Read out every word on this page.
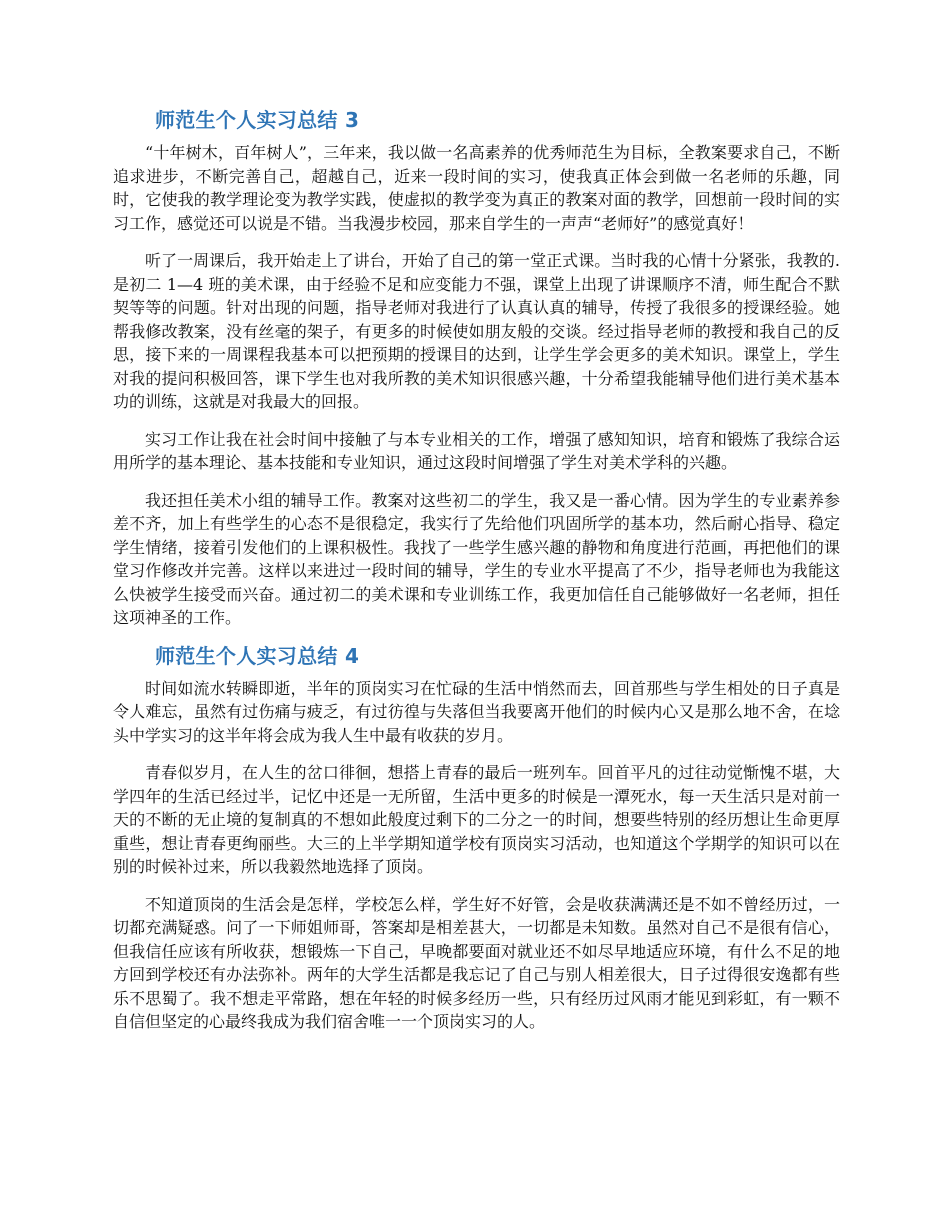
师范生个人实习总结 3

“十年树木，百年树人”，三年来，我以做一名高素养的优秀师范生为目标，全教案要求自己，不断追求进步，不断完善自己，超越自己，近来一段时间的实习，使我真正体会到做一名老师的乐趣，同时，它使我的教学理论变为教学实践，使虚拟的教学变为真正的教案对面的教学，回想前一段时间的实习工作，感觉还可以说是不错。当我漫步校园，那来自学生的一声声“老师好”的感觉真好！

听了一周课后，我开始走上了讲台，开始了自己的第一堂正式课。当时我的心情十分紧张，我教的.是初二 1—4 班的美术课，由于经验不足和应变能力不强，课堂上出现了讲课顺序不清，师生配合不默契等等的问题。针对出现的问题，指导老师对我进行了认真认真的辅导，传授了我很多的授课经验。她帮我修改教案，没有丝毫的架子，有更多的时候使如朋友般的交谈。经过指导老师的教授和我自己的反思，接下来的一周课程我基本可以把预期的授课目的达到，让学生学会更多的美术知识。课堂上，学生对我的提问积极回答，课下学生也对我所教的美术知识很感兴趣，十分希望我能辅导他们进行美术基本功的训练，这就是对我最大的回报。

实习工作让我在社会时间中接触了与本专业相关的工作，增强了感知知识，培育和锻炼了我综合运用所学的基本理论、基本技能和专业知识，通过这段时间增强了学生对美术学科的兴趣。

我还担任美术小组的辅导工作。教案对这些初二的学生，我又是一番心情。因为学生的专业素养参差不齐，加上有些学生的心态不是很稳定，我实行了先给他们巩固所学的基本功，然后耐心指导、稳定学生情绪，接着引发他们的上课积极性。我找了一些学生感兴趣的静物和角度进行范画，再把他们的课堂习作修改并完善。这样以来进过一段时间的辅导，学生的专业水平提高了不少，指导老师也为我能这么快被学生接受而兴奋。通过初二的美术课和专业训练工作，我更加信任自己能够做好一名老师，担任这项神圣的工作。

师范生个人实习总结 4

时间如流水转瞬即逝，半年的顶岗实习在忙碌的生活中悄然而去，回首那些与学生相处的日子真是令人难忘，虽然有过伤痛与疲乏，有过彷徨与失落但当我要离开他们的时候内心又是那么地不舍，在埝头中学实习的这半年将会成为我人生中最有收获的岁月。

青春似岁月，在人生的岔口徘徊，想搭上青春的最后一班列车。回首平凡的过往动觉惭愧不堪，大学四年的生活已经过半，记忆中还是一无所留，生活中更多的时候是一潭死水，每一天生活只是对前一天的不断的无止境的复制真的不想如此般度过剩下的二分之一的时间，想要些特别的经历想让生命更厚重些，想让青春更绚丽些。大三的上半学期知道学校有顶岗实习活动，也知道这个学期学的知识可以在别的时候补过来，所以我毅然地选择了顶岗。

不知道顶岗的生活会是怎样，学校怎么样，学生好不好管，会是收获满满还是不如不曾经历过，一切都充满疑惑。问了一下师姐师哥，答案却是相差甚大，一切都是未知数。虽然对自己不是很有信心，但我信任应该有所收获，想锻炼一下自己，早晚都要面对就业还不如尽早地适应环境，有什么不足的地方回到学校还有办法弥补。两年的大学生活都是我忘记了自己与别人相差很大，日子过得很安逸都有些乐不思蜀了。我不想走平常路，想在年轻的时候多经历一些，只有经历过风雨才能见到彩虹，有一颗不自信但坚定的心最终我成为我们宿舍唯一一个顶岗实习的人。
